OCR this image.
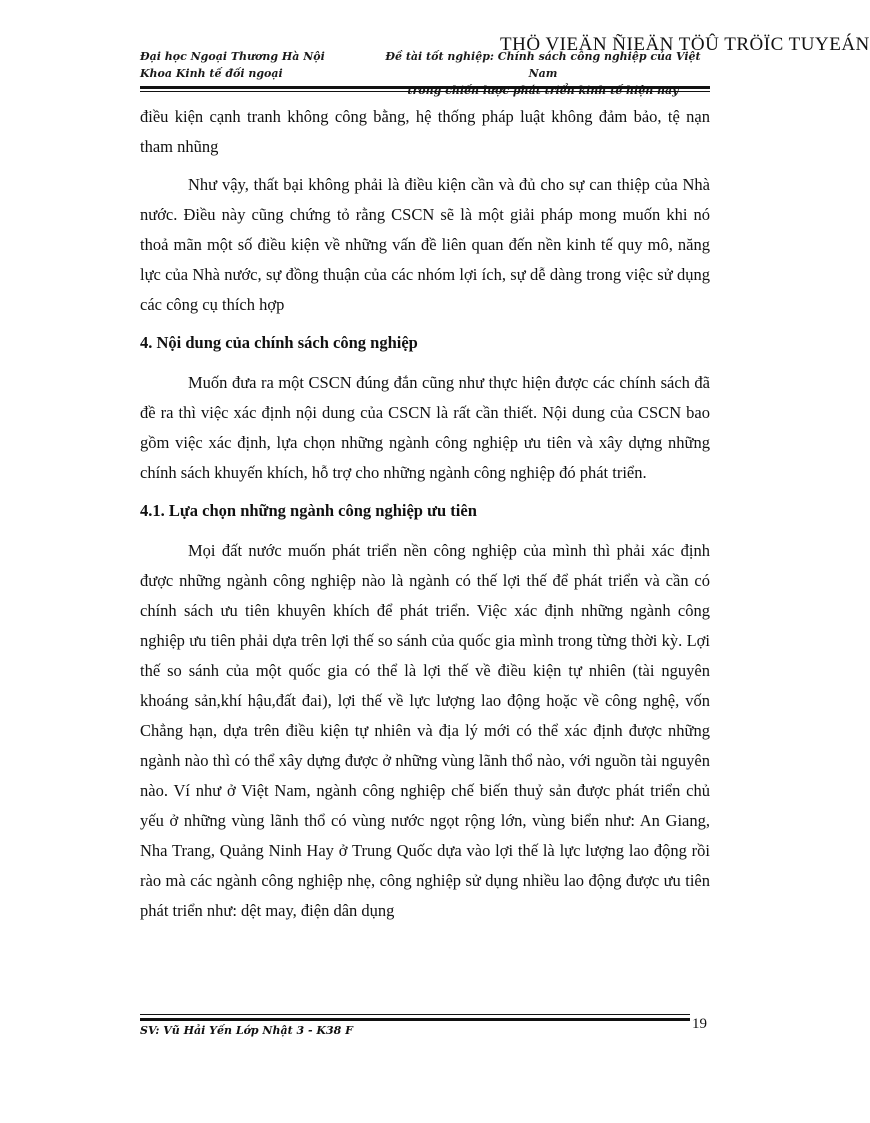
THÖ VIEÄN ÑIEÄN TÖÛ TRÖÏC TUYEÁN
Đại học Ngoại Thương Hà Nội
Khoa Kinh tế đối ngoại
Đề tài tốt nghiệp: Chính sách công nghiệp của Việt Nam
trong chiến lược phát triển kinh tế hiện nay

điều kiện cạnh tranh không công bằng, hệ thống pháp luật không đảm bảo, tệ nạn tham nhũng

Như vậy, thất bại không phải là điều kiện cần và đủ cho sự can thiệp của Nhà nước. Điều này cũng chứng tỏ rằng CSCN sẽ là một giải pháp mong muốn khi nó thoả mãn một số điều kiện về những vấn đề liên quan đến nền kinh tế quy mô, năng lực của Nhà nước, sự đồng thuận của các nhóm lợi ích, sự dễ dàng trong việc sử dụng các công cụ thích hợp

4. Nội dung của chính sách công nghiệp

Muốn đưa ra một CSCN đúng đắn cũng như thực hiện được các chính sách đã đề ra thì việc xác định nội dung của CSCN là rất cần thiết. Nội dung của CSCN bao gồm việc xác định, lựa chọn những ngành công nghiệp ưu tiên và xây dựng những chính sách khuyến khích, hỗ trợ cho những ngành công nghiệp đó phát triển.

4.1. Lựa chọn những ngành công nghiệp ưu tiên

Mọi đất nước muốn phát triển nền công nghiệp của mình thì phải xác định được những ngành công nghiệp nào là ngành có thế lợi thế để phát triển và cần có chính sách ưu tiên khuyên khích để phát triển. Việc xác định những ngành công nghiệp ưu tiên phải dựa trên lợi thế so sánh của quốc gia mình trong từng thời kỳ. Lợi thế so sánh của một quốc gia có thể là lợi thế về điều kiện tự nhiên (tài nguyên khoáng sản,khí hậu,đất đai), lợi thế về lực lượng lao động hoặc về công nghệ, vốn Chẳng hạn, dựa trên điều kiện tự nhiên và địa lý mới có thể xác định được những ngành nào thì có thể xây dựng được ở những vùng lãnh thổ nào, với nguồn tài nguyên nào. Ví như ở Việt Nam, ngành công nghiệp chế biến thuỷ sản được phát triển chủ yếu ở những vùng lãnh thổ có vùng nước ngọt rộng lớn, vùng biển như: An Giang, Nha Trang, Quảng Ninh Hay ở Trung Quốc dựa vào lợi thế là lực lượng lao động rồi rào mà các ngành công nghiệp nhẹ, công nghiệp sử dụng nhiều lao động được ưu tiên phát triển như: dệt may, điện dân dụng

SV: Vũ Hải Yến Lớp Nhật 3 - K38 F	19
